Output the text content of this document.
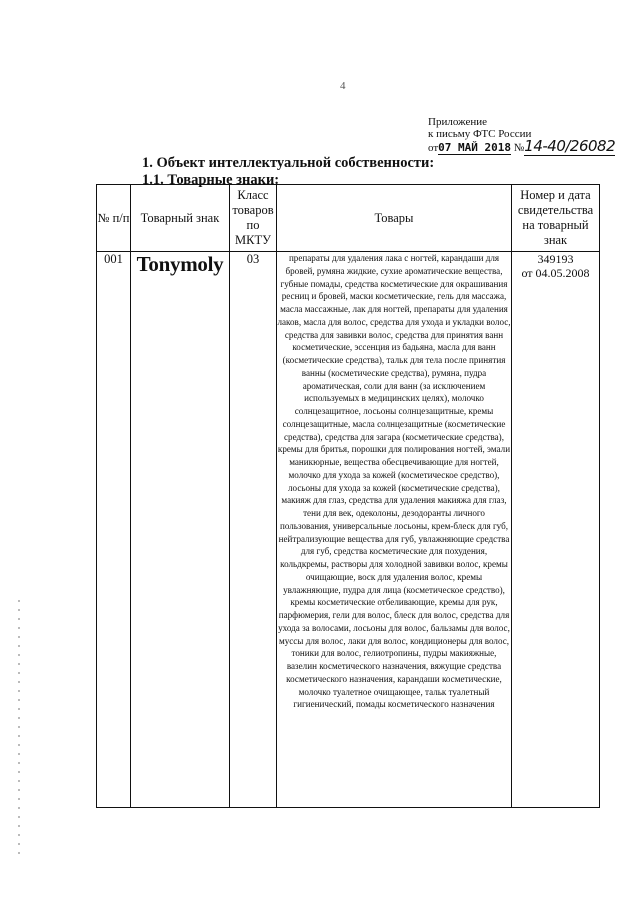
4
Приложение
к письму ФТС России
от07 МАЙ 2018 №14-40/26082
1. Объект интеллектуальной собственности:
1.1. Товарные знаки:
№ п/п	Товарный знак	Класс товаров по МКТУ	Товары	Номер и дата свидетельства на товарный знак
001	Tonymoly	03	препараты для удаления лака с ногтей, карандаши для бровей, румяна жидкие, сухие ароматические вещества, губные помады, средства косметические для окрашивания ресниц и бровей, маски косметические, гель для массажа, масла массажные, лак для ногтей, препараты для удаления лаков, масла для волос, средства для ухода и укладки волос, средства для завивки волос, средства для принятия ванн косметические, эссенция из бадьяна, масла для ванн (косметические средства), тальк для тела после принятия ванны (косметические средства), румяна, пудра ароматическая, соли для ванн (за исключением используемых в медицинских целях), молочко солнцезащитное, лосьоны солнцезащитные, кремы солнцезащитные, масла солнцезащитные (косметические средства), средства для загара (косметические средства), кремы для бритья, порошки для полирования ногтей, эмали маникюрные, вещества обесцвечивающие для ногтей, молочко для ухода за кожей (косметическое средство), лосьоны для ухода за кожей (косметические средства), макияж для глаз, средства для удаления макияжа для глаз, тени для век, одеколоны, дезодоранты личного пользования, универсальные лосьоны, крем-блеск для губ, нейтрализующие вещества для губ, увлажняющие средства для губ, средства косметические для похудения, кольдкремы, растворы для холодной завивки волос, кремы очищающие, воск для удаления волос, кремы увлажняющие, пудра для лица (косметическое средство), кремы косметические отбеливающие, кремы для рук, парфюмерия, гели для волос, блеск для волос, средства для ухода за волосами, лосьоны для волос, бальзамы для волос, муссы для волос, лаки для волос, кондиционеры для волос, тоники для волос, гелиотропины, пудры макияжные, вазелин косметического назначения, вяжущие средства косметического назначения, карандаши косметические, молочко туалетное очищающее, тальк туалетный гигиенический, помады косметического назначения	349193
от 04.05.2008
